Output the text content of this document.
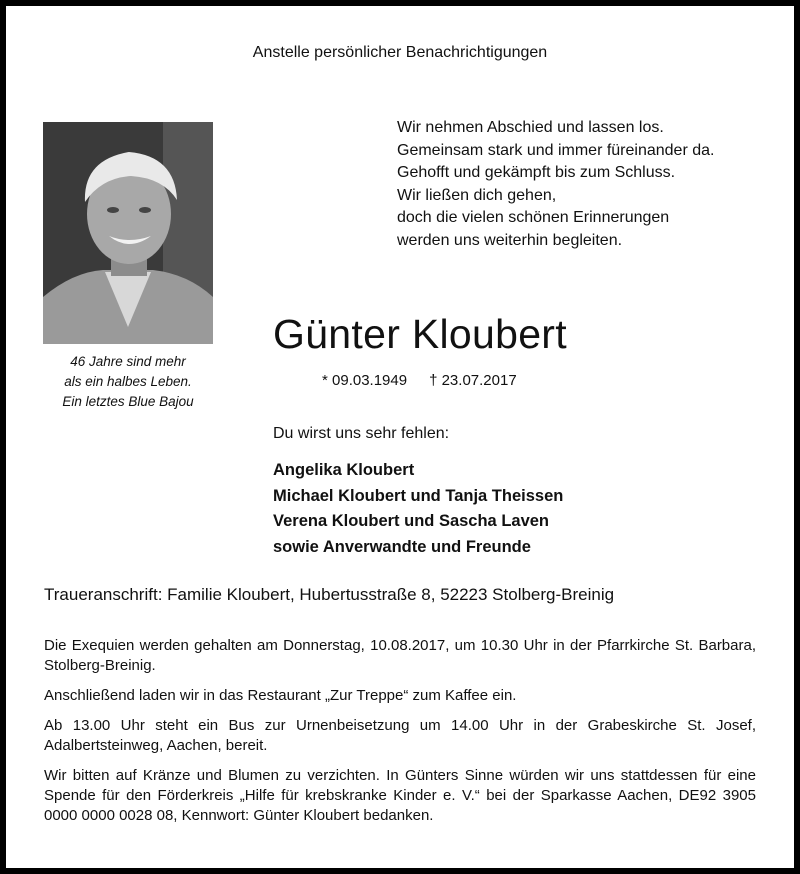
Anstelle persönlicher Benachrichtigungen
46 Jahre sind mehr
als ein halbes Leben.
Ein letztes Blue Bajou
Wir nehmen Abschied und lassen los.
Gemeinsam stark und immer füreinander da.
Gehofft und gekämpft bis zum Schluss.
Wir ließen dich gehen,
doch die vielen schönen Erinnerungen
werden uns weiterhin begleiten.
Günter Kloubert
* 09.03.1949 † 23.07.2017
Du wirst uns sehr fehlen:
Angelika Kloubert
Michael Kloubert und Tanja Theissen
Verena Kloubert und Sascha Laven
sowie Anverwandte und Freunde
Traueranschrift: Familie Kloubert, Hubertusstraße 8, 52223 Stolberg-Breinig

Die Exequien werden gehalten am Donnerstag, 10.08.2017, um 10.30 Uhr in der Pfarrkirche St. Barbara, Stolberg-Breinig.

Anschließend laden wir in das Restaurant „Zur Treppe“ zum Kaffee ein.

Ab 13.00 Uhr steht ein Bus zur Urnenbeisetzung um 14.00 Uhr in der Grabeskirche St. Josef, Adalbertsteinweg, Aachen, bereit.

Wir bitten auf Kränze und Blumen zu verzichten. In Günters Sinne würden wir uns stattdessen für eine Spende für den Förderkreis „Hilfe für krebskranke Kinder e. V.“ bei der Sparkasse Aachen, DE92 3905 0000 0000 0028 08, Kennwort: Günter Kloubert bedanken.
